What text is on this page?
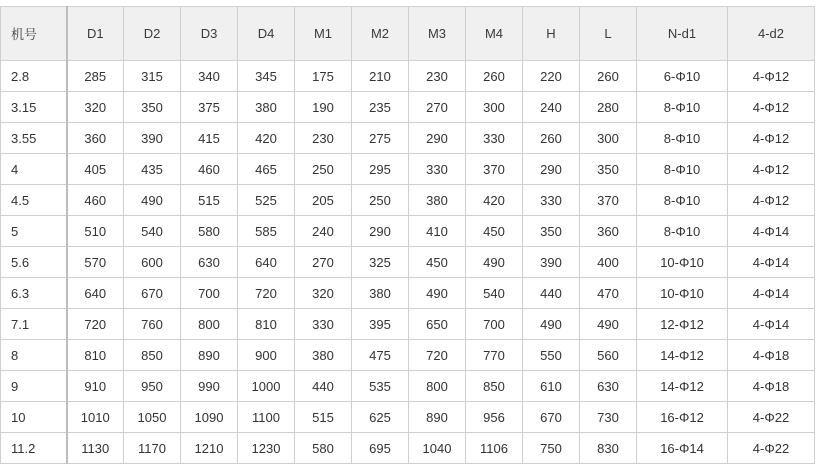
机号	D1	D2	D3	D4	M1	M2	M3	M4	H	L	N-d1	4-d2
2.8	285	315	340	345	175	210	230	260	220	260	6-Φ10	4-Φ12
3.15	320	350	375	380	190	235	270	300	240	280	8-Φ10	4-Φ12
3.55	360	390	415	420	230	275	290	330	260	300	8-Φ10	4-Φ12
4	405	435	460	465	250	295	330	370	290	350	8-Φ10	4-Φ12
4.5	460	490	515	525	205	250	380	420	330	370	8-Φ10	4-Φ12
5	510	540	580	585	240	290	410	450	350	360	8-Φ10	4-Φ14
5.6	570	600	630	640	270	325	450	490	390	400	10-Φ10	4-Φ14
6.3	640	670	700	720	320	380	490	540	440	470	10-Φ10	4-Φ14
7.1	720	760	800	810	330	395	650	700	490	490	12-Φ12	4-Φ14
8	810	850	890	900	380	475	720	770	550	560	14-Φ12	4-Φ18
9	910	950	990	1000	440	535	800	850	610	630	14-Φ12	4-Φ18
10	1010	1050	1090	1100	515	625	890	956	670	730	16-Φ12	4-Φ22
11.2	1130	1170	1210	1230	580	695	1040	1106	750	830	16-Φ14	4-Φ22
